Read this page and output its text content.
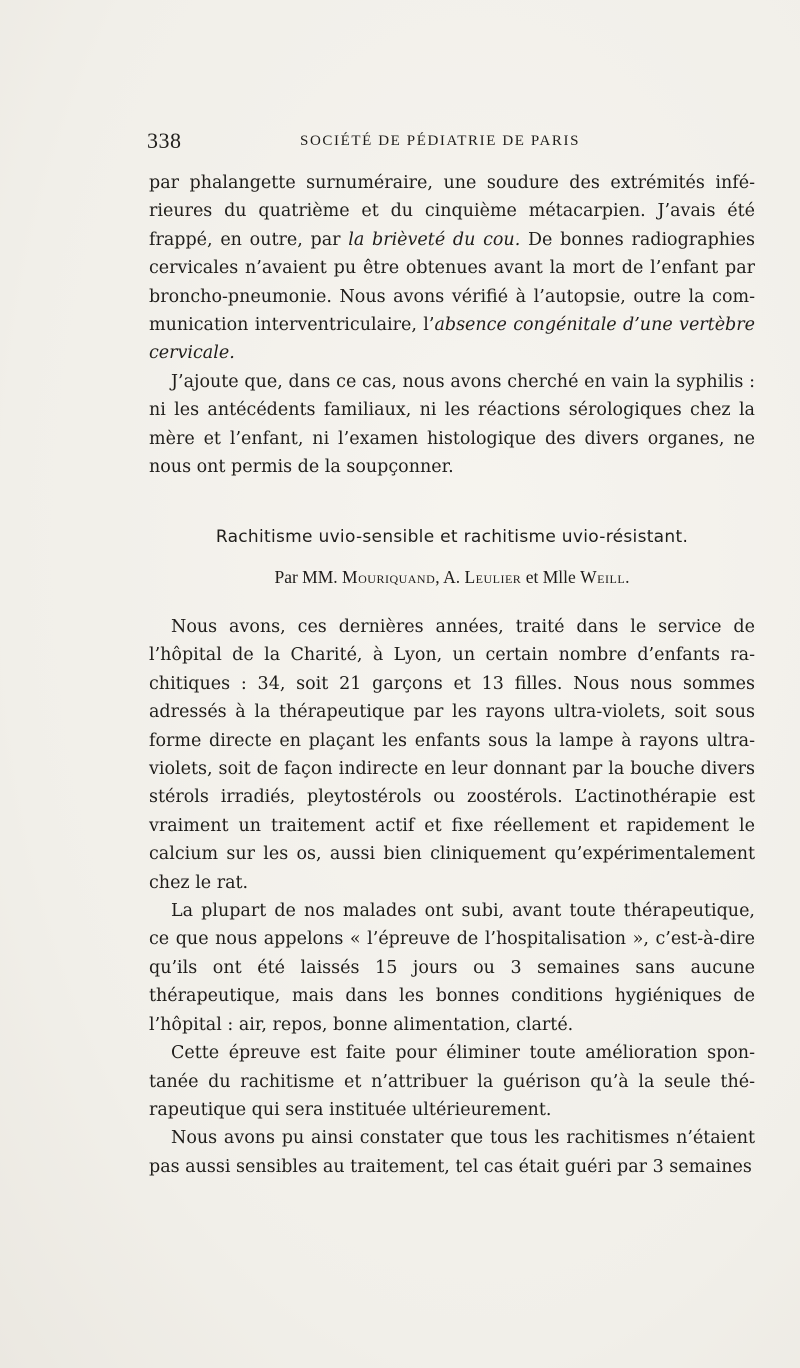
338	SOCIÉTÉ DE PÉDIATRIE DE PARIS

par phalangette surnuméraire, une soudure des extrémités inférieures du quatrième et du cinquième métacarpien. J’avais été frappé, en outre, par la brièveté du cou. De bonnes radiographies cervicales n’avaient pu être obtenues avant la mort de l’enfant par broncho-pneumonie. Nous avons vérifié à l’autopsie, outre la communication interventriculaire, l’absence congénitale d’une vertèbre cervicale.

J’ajoute que, dans ce cas, nous avons cherché en vain la syphilis : ni les antécédents familiaux, ni les réactions sérologiques chez la mère et l’enfant, ni l’examen histologique des divers organes, ne nous ont permis de la soupçonner.

Rachitisme uvio-sensible et rachitisme uvio-résistant.
Par MM. Mouriquand, A. Leulier et Mlle Weill.

Nous avons, ces dernières années, traité dans le service de l’hôpital de la Charité, à Lyon, un certain nombre d’enfants rachitiques : 34, soit 21 garçons et 13 filles. Nous nous sommes adressés à la thérapeutique par les rayons ultra-violets, soit sous forme directe en plaçant les enfants sous la lampe à rayons ultra-violets, soit de façon indirecte en leur donnant par la bouche divers stérols irradiés, pleytostérols ou zoostérols. L’actinothérapie est vraiment un traitement actif et fixe réellement et rapidement le calcium sur les os, aussi bien cliniquement qu’expérimentalement chez le rat.

La plupart de nos malades ont subi, avant toute thérapeutique, ce que nous appelons « l’épreuve de l’hospitalisation », c’est-à-dire qu’ils ont été laissés 15 jours ou 3 semaines sans aucune thérapeutique, mais dans les bonnes conditions hygiéniques de l’hôpital : air, repos, bonne alimentation, clarté.

Cette épreuve est faite pour éliminer toute amélioration spontanée du rachitisme et n’attribuer la guérison qu’à la seule thérapeutique qui sera instituée ultérieurement.

Nous avons pu ainsi constater que tous les rachitismes n’étaient pas aussi sensibles au traitement, tel cas était guéri par 3 semaines
